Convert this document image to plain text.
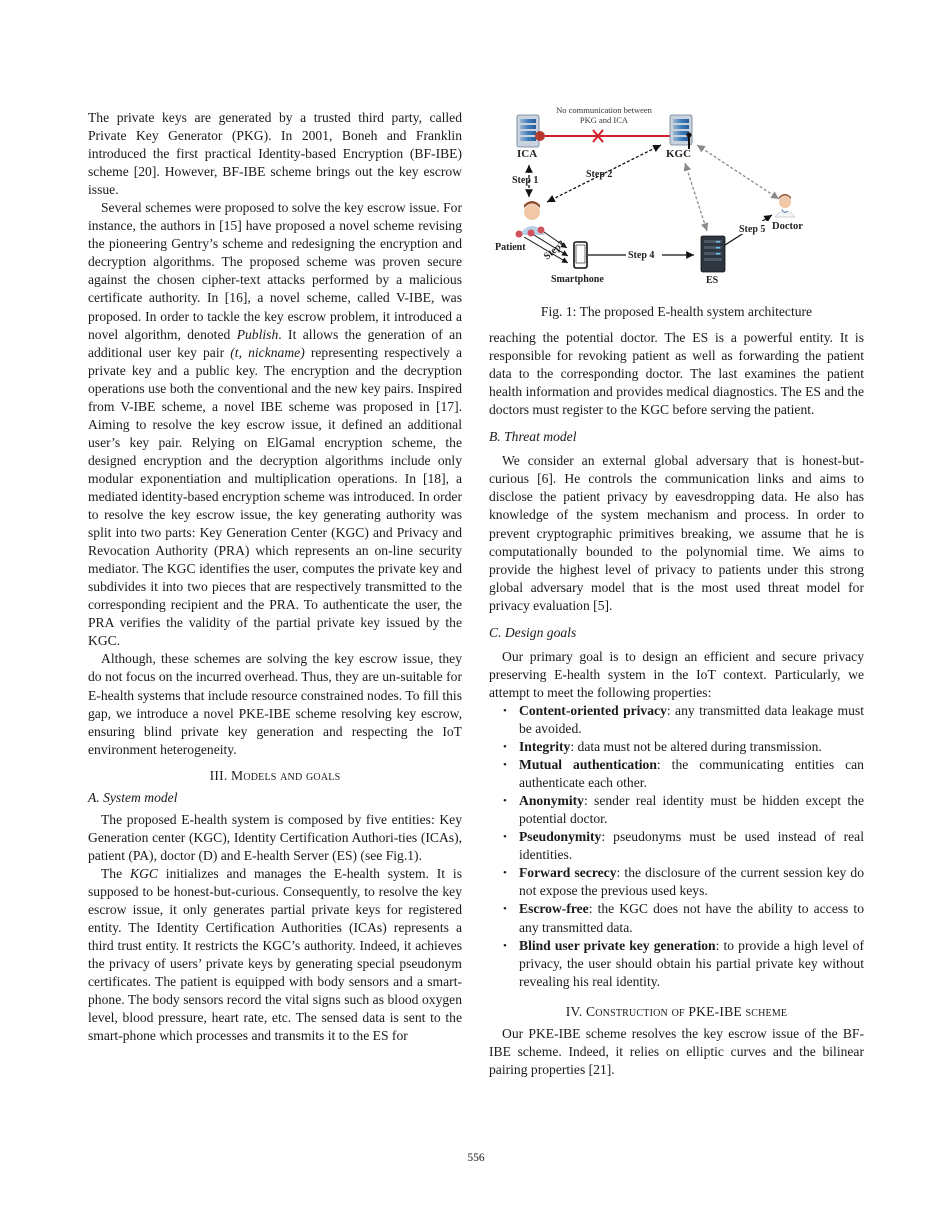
The private keys are generated by a trusted third party, called Private Key Generator (PKG). In 2001, Boneh and Franklin introduced the first practical Identity-based Encryption (BF-IBE) scheme [20]. However, BF-IBE scheme brings out the key escrow issue.

Several schemes were proposed to solve the key escrow issue. For instance, the authors in [15] have proposed a novel scheme revising the pioneering Gentry’s scheme and redesigning the encryption and decryption algorithms. The proposed scheme was proven secure against the chosen cipher-text attacks performed by a malicious certificate authority. In [16], a novel scheme, called V-IBE, was proposed. In order to tackle the key escrow problem, it introduced a novel algorithm, denoted Publish. It allows the generation of an additional user key pair (t, nickname) representing respectively a private key and a public key. The encryption and the decryption operations use both the conventional and the new key pairs. Inspired from V-IBE scheme, a novel IBE scheme was proposed in [17]. Aiming to resolve the key escrow issue, it defined an additional user’s key pair. Relying on ElGamal encryption scheme, the designed encryption and the decryption algorithms include only modular exponentiation and multiplication operations. In [18], a mediated identity-based encryption scheme was introduced. In order to resolve the key escrow issue, the key generating authority was split into two parts: Key Generation Center (KGC) and Privacy and Revocation Authority (PRA) which represents an on-line security mediator. The KGC identifies the user, computes the private key and subdivides it into two pieces that are respectively transmitted to the corresponding recipient and the PRA. To authenticate the user, the PRA verifies the validity of the partial private key issued by the KGC.

Although, these schemes are solving the key escrow issue, they do not focus on the incurred overhead. Thus, they are un-suitable for E-health systems that include resource constrained nodes. To fill this gap, we introduce a novel PKE-IBE scheme resolving key escrow, ensuring blind private key generation and respecting the IoT environment heterogeneity.

III. Models and goals
A. System model

The proposed E-health system is composed by five entities: Key Generation center (KGC), Identity Certification Authori-ties (ICAs), patient (PA), doctor (D) and E-health Server (ES) (see Fig.1).

The KGC initializes and manages the E-health system. It is supposed to be honest-but-curious. Consequently, to resolve the key escrow issue, it only generates partial private keys for registered entity. The Identity Certification Authorities (ICAs) represents a third trust entity. It restricts the KGC’s authority. Indeed, it achieves the privacy of users’ private keys by generating special pseudonym certificates. The patient is equipped with body sensors and a smart-phone. The body sensors record the vital signs such as blood oxygen level, blood pressure, heart rate, etc. The sensed data is sent to the smart-phone which processes and transmits it to the ES for

ICA
No communication between
PKG and ICA
KGC
Step 1
Step 2
Patient Step3
Smartphone
Step 4
ES
Step 5 Doctor
Fig. 1: The proposed E-health system architecture

reaching the potential doctor. The ES is a powerful entity. It is responsible for revoking patient as well as forwarding the patient data to the corresponding doctor. The last examines the patient health information and provides medical diagnostics. The ES and the doctors must register to the KGC before serving the patient.

B. Threat model

We consider an external global adversary that is honest-but-curious [6]. He controls the communication links and aims to disclose the patient privacy by eavesdropping data. He also has knowledge of the system mechanism and process. In order to prevent cryptographic primitives breaking, we assume that he is computationally bounded to the polynomial time. We aims to provide the highest level of privacy to patients under this strong global adversary model that is the most used threat model for privacy evaluation [5].

C. Design goals

Our primary goal is to design an efficient and secure privacy preserving E-health system in the IoT context. Particularly, we attempt to meet the following properties:

• Content-oriented privacy: any transmitted data leakage must be avoided.
• Integrity: data must not be altered during transmission.
• Mutual authentication: the communicating entities can authenticate each other.
• Anonymity: sender real identity must be hidden except the potential doctor.
• Pseudonymity: pseudonyms must be used instead of real identities.
• Forward secrecy: the disclosure of the current session key do not expose the previous used keys.
• Escrow-free: the KGC does not have the ability to access to any transmitted data.
• Blind user private key generation: to provide a high level of privacy, the user should obtain his partial private key without revealing his real identity.
IV. Construction of PKE-IBE scheme

Our PKE-IBE scheme resolves the key escrow issue of the BF-IBE scheme. Indeed, it relies on elliptic curves and the bilinear pairing properties [21].

556
